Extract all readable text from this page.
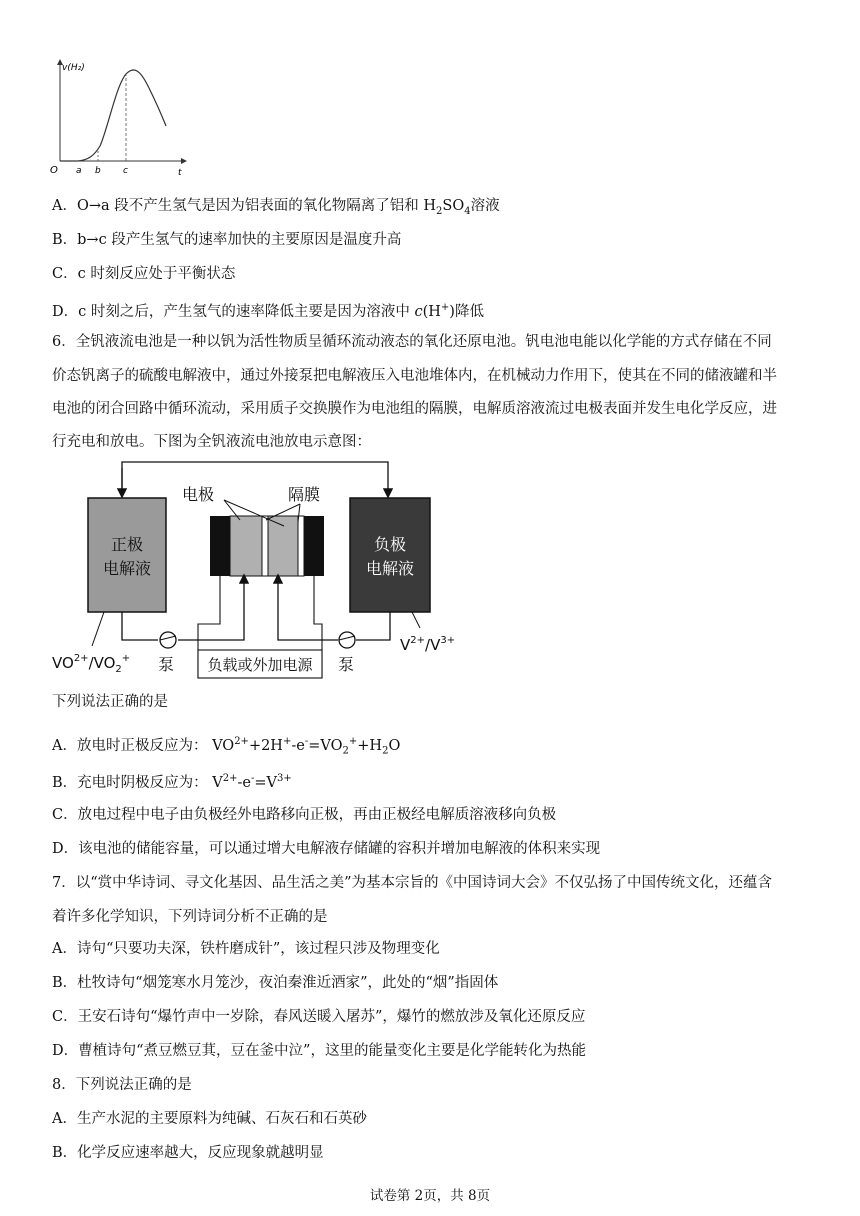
v(H₂)
O a b c	t
A．O→a 段不产生氢气是因为铝表面的氧化物隔离了铝和 $H_2SO_4$溶液
B．b→c 段产生氢气的速率加快的主要原因是温度升高
C．c 时刻反应处于平衡状态
D．c 时刻之后，产生氢气的速率降低主要是因为溶液中 c(H+)降低
6．全钒液流电池是一种以钒为活性物质呈循环流动液态的氧化还原电池。钒电池电能以化学能的方式存储在不同
价态钒离子的硫酸电解液中，通过外接泵把电解液压入电池堆体内，在机械动力作用下，使其在不同的储液罐和半
电池的闭合回路中循环流动，采用质子交换膜作为电池组的隔膜，电解质溶液流过电极表面并发生电化学反应，进
行充电和放电。下图为全钒液流电池放电示意图：
正极
电解液
负极
电解液
电极	隔膜
泵	泵
负载或外加电源
$VO^{2+}/VO_2^+$
$V^{2+}/V^{3+}$
下列说法正确的是
A．放电时正极反应为： $VO^{2+}+2H^+-e^-=VO_2^++H_2O$
B．充电时阴极反应为： $V^{2+}-e^-=V^{3+}$
C．放电过程中电子由负极经外电路移向正极，再由正极经电解质溶液移向负极
D．该电池的储能容量，可以通过增大电解液存储罐的容积并增加电解液的体积来实现
7．以“赏中华诗词、寻文化基因、品生活之美”为基本宗旨的《中国诗词大会》不仅弘扬了中国传统文化，还蕴含
着许多化学知识，下列诗词分析不正确的是
A．诗句“只要功夫深，铁杵磨成针”，该过程只涉及物理变化
B．杜牧诗句“烟笼寒水月笼沙，夜泊秦淮近酒家”，此处的“烟”指固体
C．王安石诗句“爆竹声中一岁除，春风送暖入屠苏”，爆竹的燃放涉及氧化还原反应
D．曹植诗句“煮豆燃豆萁，豆在釜中泣”，这里的能量变化主要是化学能转化为热能
8．下列说法正确的是
A．生产水泥的主要原料为纯碱、石灰石和石英砂
B．化学反应速率越大，反应现象就越明显
试卷第 2页，共 8页
